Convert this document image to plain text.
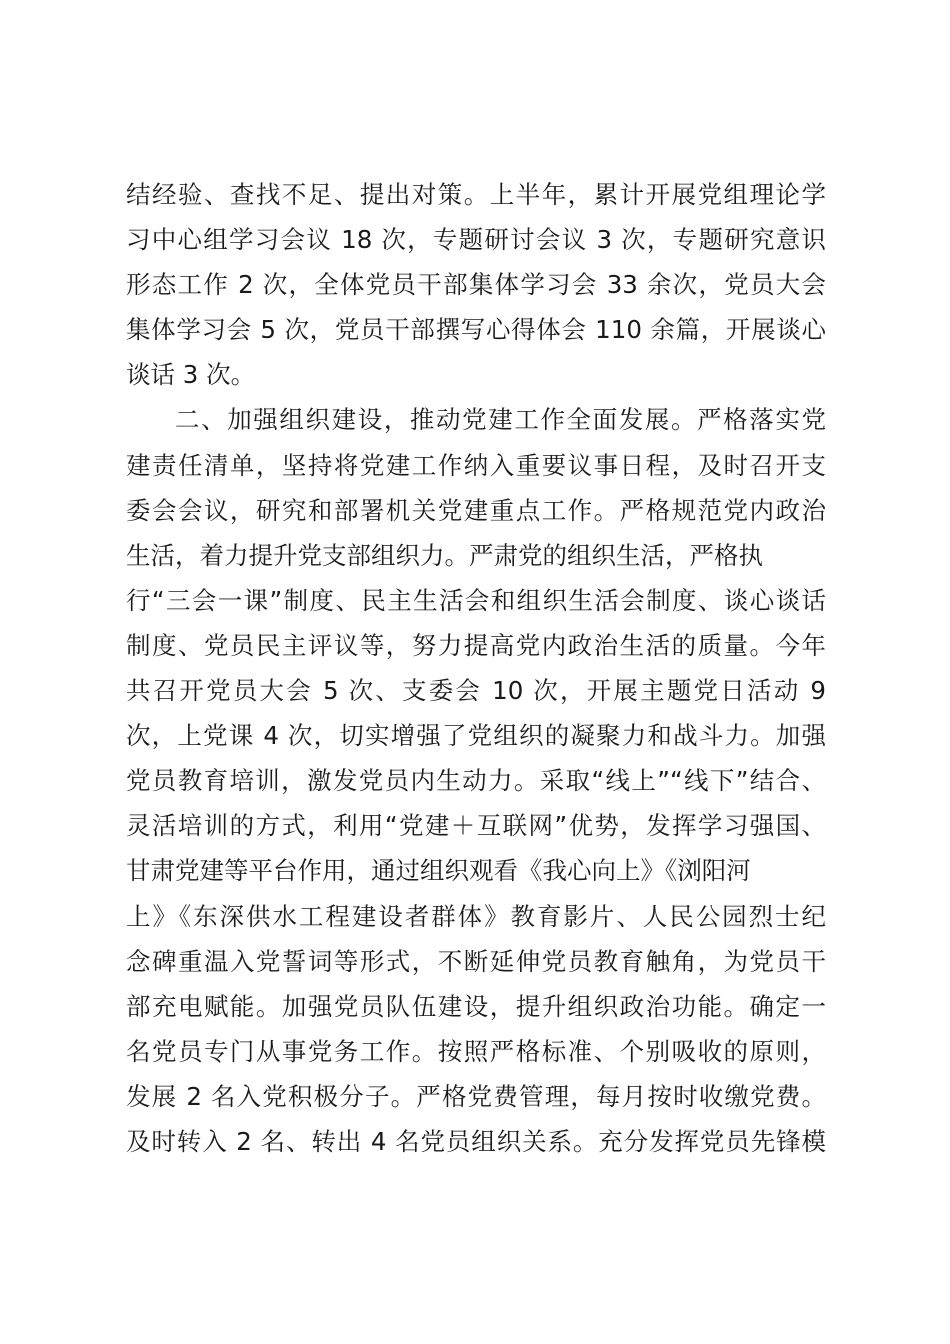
结经验、查找不足、提出对策。上半年，累计开展党组理论学
习中心组学习会议 18 次，专题研讨会议 3 次，专题研究意识
形态工作 2 次，全体党员干部集体学习会 33 余次，党员大会
集体学习会 5 次，党员干部撰写心得体会 110 余篇，开展谈心
谈话 3 次。
二、加强组织建设，推动党建工作全面发展。严格落实党
建责任清单，坚持将党建工作纳入重要议事日程，及时召开支
委会会议，研究和部署机关党建重点工作。严格规范党内政治
生活，着力提升党支部组织力。严肃党的组织生活，严格执
行“三会一课”制度、民主生活会和组织生活会制度、谈心谈话
制度、党员民主评议等，努力提高党内政治生活的质量。今年
共召开党员大会 5 次、支委会 10 次，开展主题党日活动 9
次，上党课 4 次，切实增强了党组织的凝聚力和战斗力。加强
党员教育培训，激发党员内生动力。采取“线上”“线下”结合、
灵活培训的方式，利用“党建＋互联网”优势，发挥学习强国、
甘肃党建等平台作用，通过组织观看《我心向上》《浏阳河
上》《东深供水工程建设者群体》教育影片、人民公园烈士纪
念碑重温入党誓词等形式，不断延伸党员教育触角，为党员干
部充电赋能。加强党员队伍建设，提升组织政治功能。确定一
名党员专门从事党务工作。按照严格标准、个别吸收的原则，
发展 2 名入党积极分子。严格党费管理，每月按时收缴党费。
及时转入 2 名、转出 4 名党员组织关系。充分发挥党员先锋模
